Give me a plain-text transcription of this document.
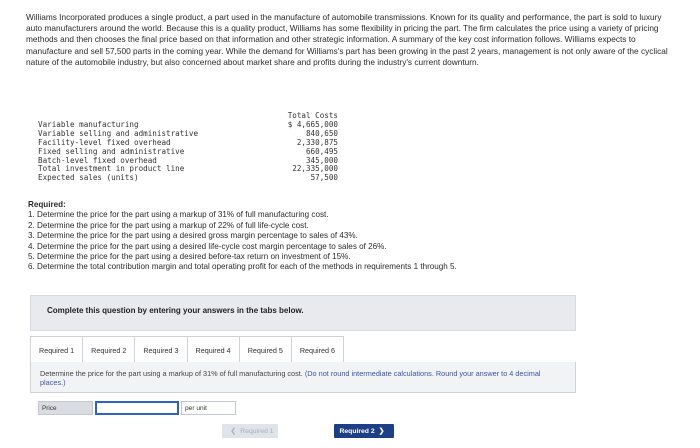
Williams Incorporated produces a single product, a part used in the manufacture of automobile transmissions. Known for its quality and performance, the part is sold to luxury auto manufacturers around the world. Because this is a quality product, Williams has some flexibility in pricing the part. The firm calculates the price using a variety of pricing methods and then chooses the final price based on that information and other strategic information. A summary of the key cost information follows. Williams expects to manufacture and sell 57,500 parts in the coming year. While the demand for Williams's part has been growing in the past 2 years, management is not only aware of the cyclical nature of the automobile industry, but also concerned about market share and profits during the industry's current downturn.
Total Costs
Variable manufacturing	$ 4,665,000
Variable selling and administrative	840,650
Facility-level fixed overhead	2,330,875
Fixed selling and administrative	660,495
Batch-level fixed overhead	345,000
Total investment in product line	22,335,000
Expected sales (units)	57,500
Required:
1. Determine the price for the part using a markup of 31% of full manufacturing cost.
2. Determine the price for the part using a markup of 22% of full life-cycle cost.
3. Determine the price for the part using a desired gross margin percentage to sales of 43%.
4. Determine the price for the part using a desired life-cycle cost margin percentage to sales of 26%.
5. Determine the price for the part using a desired before-tax return on investment of 15%.
6. Determine the total contribution margin and total operating profit for each of the methods in requirements 1 through 5.
Complete this question by entering your answers in the tabs below.
Required 1	Required 2	Required 3	Required 4	Required 5	Required 6
Determine the price for the part using a markup of 31% of full manufacturing cost. (Do not round intermediate calculations. Round your answer to 4 decimal places.)
Price	per unit
❮ Required 1	Required 2 ❯
